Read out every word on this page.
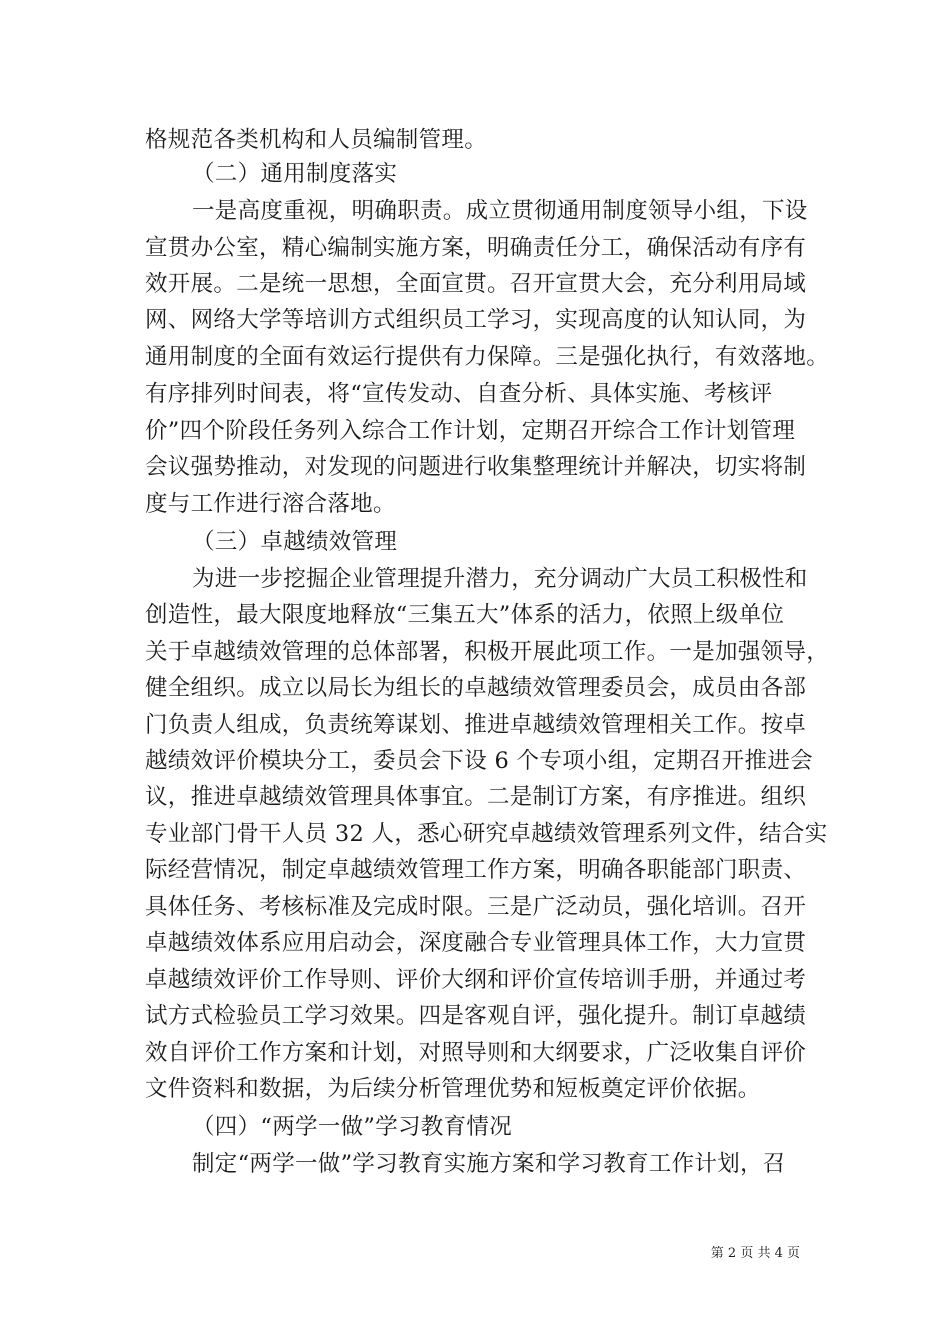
格规范各类机构和人员编制管理。
（二）通用制度落实
一是高度重视，明确职责。成立贯彻通用制度领导小组，下设
宣贯办公室，精心编制实施方案，明确责任分工，确保活动有序有
效开展。二是统一思想，全面宣贯。召开宣贯大会，充分利用局域
网、网络大学等培训方式组织员工学习，实现高度的认知认同，为
通用制度的全面有效运行提供有力保障。三是强化执行，有效落地。
有序排列时间表，将“宣传发动、自查分析、具体实施、考核评
价”四个阶段任务列入综合工作计划，定期召开综合工作计划管理
会议强势推动，对发现的问题进行收集整理统计并解决，切实将制
度与工作进行溶合落地。
（三）卓越绩效管理
为进一步挖掘企业管理提升潜力，充分调动广大员工积极性和
创造性，最大限度地释放“三集五大”体系的活力，依照上级单位
关于卓越绩效管理的总体部署，积极开展此项工作。一是加强领导，
健全组织。成立以局长为组长的卓越绩效管理委员会，成员由各部
门负责人组成，负责统筹谋划、推进卓越绩效管理相关工作。按卓
越绩效评价模块分工，委员会下设 6 个专项小组，定期召开推进会
议，推进卓越绩效管理具体事宜。二是制订方案，有序推进。组织
专业部门骨干人员 32 人，悉心研究卓越绩效管理系列文件，结合实
际经营情况，制定卓越绩效管理工作方案，明确各职能部门职责、
具体任务、考核标准及完成时限。三是广泛动员，强化培训。召开
卓越绩效体系应用启动会，深度融合专业管理具体工作，大力宣贯
卓越绩效评价工作导则、评价大纲和评价宣传培训手册，并通过考
试方式检验员工学习效果。四是客观自评，强化提升。制订卓越绩
效自评价工作方案和计划，对照导则和大纲要求，广泛收集自评价
文件资料和数据，为后续分析管理优势和短板奠定评价依据。
（四）“两学一做”学习教育情况
制定“两学一做”学习教育实施方案和学习教育工作计划，召
第 2 页 共 4 页
